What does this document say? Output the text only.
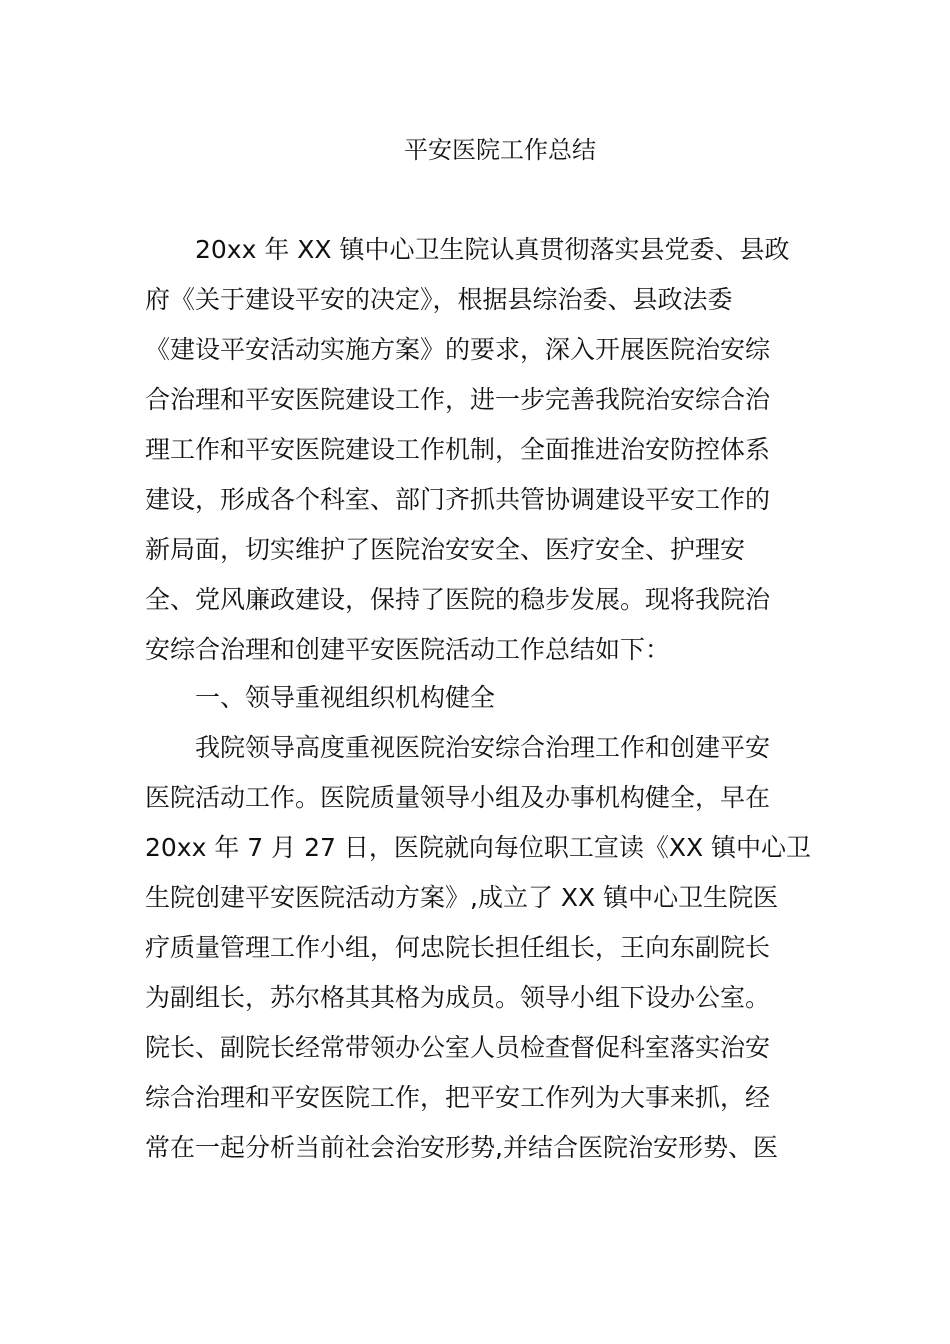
平安医院工作总结

　　20xx 年 XX 镇中心卫生院认真贯彻落实县党委、县政

府《关于建设平安的决定》，根据县综治委、县政法委

《建设平安活动实施方案》的要求，深入开展医院治安综

合治理和平安医院建设工作，进一步完善我院治安综合治

理工作和平安医院建设工作机制，全面推进治安防控体系

建设，形成各个科室、部门齐抓共管协调建设平安工作的

新局面，切实维护了医院治安安全、医疗安全、护理安

全、党风廉政建设，保持了医院的稳步发展。现将我院治

安综合治理和创建平安医院活动工作总结如下：

　　一、领导重视组织机构健全

　　我院领导高度重视医院治安综合治理工作和创建平安

医院活动工作。医院质量领导小组及办事机构健全，早在

20xx 年 7 月 27 日，医院就向每位职工宣读《XX 镇中心卫

生院创建平安医院活动方案》,成立了 XX 镇中心卫生院医

疗质量管理工作小组，何忠院长担任组长，王向东副院长

为副组长，苏尔格其其格为成员。领导小组下设办公室。

院长、副院长经常带领办公室人员检查督促科室落实治安

综合治理和平安医院工作，把平安工作列为大事来抓，经

常在一起分析当前社会治安形势,并结合医院治安形势、医
